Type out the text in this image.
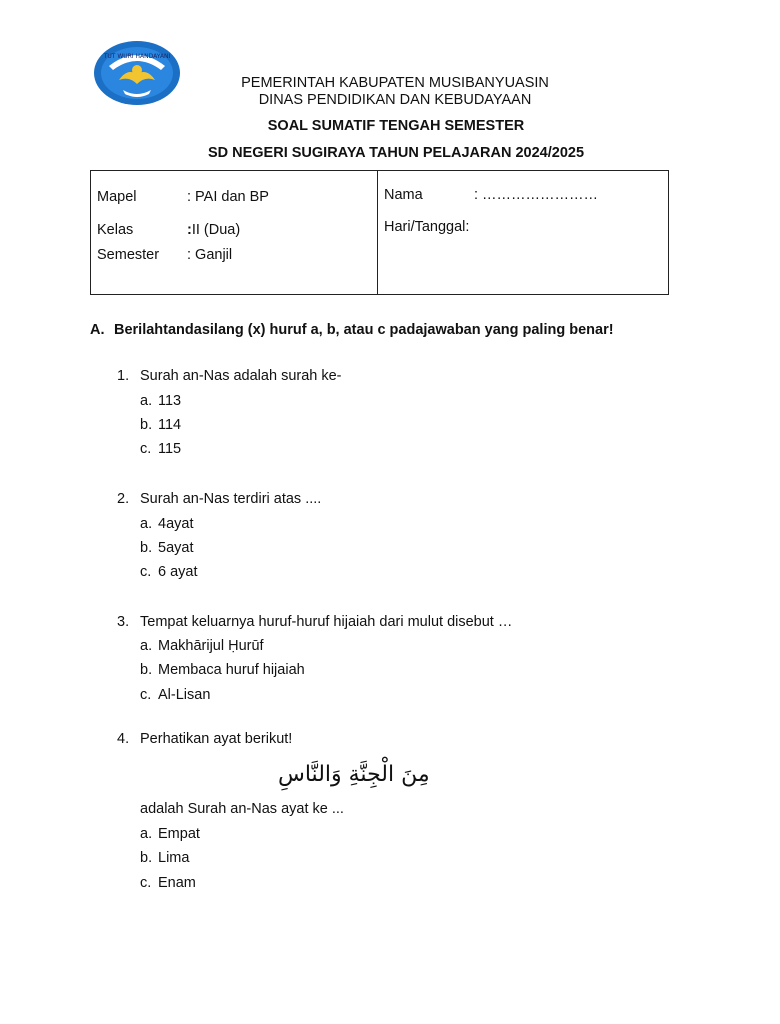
TUT WURI HANDAYANI
PEMERINTAH KABUPATEN MUSIBANYUASIN
DINAS PENDIDIKAN DAN KEBUDAYAAN
SOAL SUMATIF TENGAH SEMESTER
SD NEGERI SUGIRAYA TAHUN PELAJARAN 2024/2025
Mapel	: PAI dan BP
Kelas	:II (Dua)
Semester : Ganjil
Nama	: ……………………
Hari/Tanggal:
A. Berilahtandasilang (x) huruf a, b, atau c padajawaban yang paling benar!
1. Surah an-Nas adalah surah ke-
a. 113
b. 114
c. 115
2. Surah an-Nas terdiri atas ....
a. 4ayat
b. 5ayat
c. 6 ayat
3. Tempat keluarnya huruf-huruf hijaiah dari mulut disebut …
a. Makhārijul Ḥurūf
b. Membaca huruf hijaiah
c. Al-Lisan
4. Perhatikan ayat berikut!
مِنَ الْجِنَّةِ وَالنَّاسِ
adalah Surah an-Nas ayat ke ...
a. Empat
b. Lima
c. Enam
